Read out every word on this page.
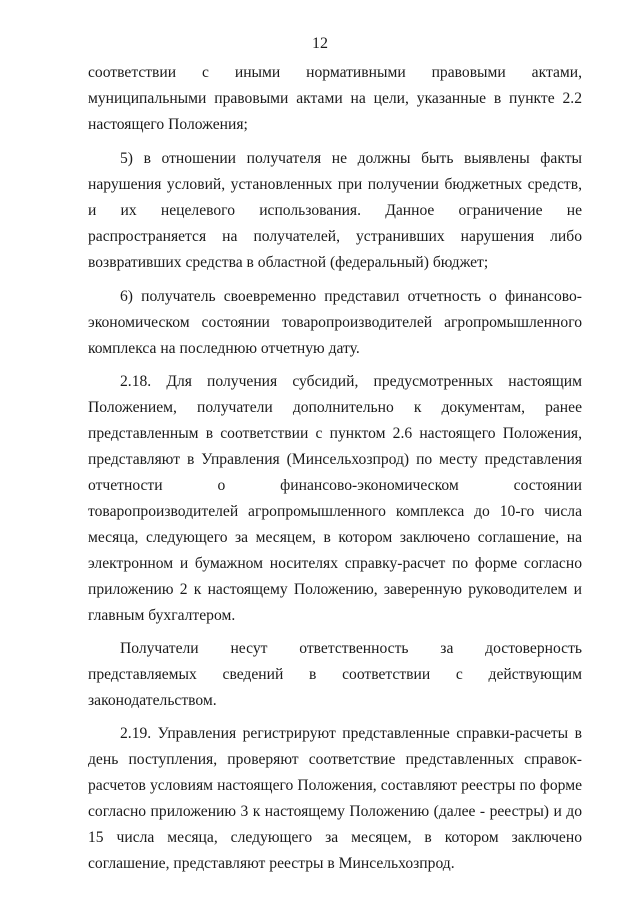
12

соответствии с иными нормативными правовыми актами, муниципальными правовыми актами на цели, указанные в пункте 2.2 настоящего Положения;

5) в отношении получателя не должны быть выявлены факты нарушения условий, установленных при получении бюджетных средств, и их нецелевого использования. Данное ограничение не распространяется на получателей, устранивших нарушения либо возвративших средства в областной (федеральный) бюджет;

6) получатель своевременно представил отчетность о финансово-экономическом состоянии товаропроизводителей агропромышленного комплекса на последнюю отчетную дату.

2.18. Для получения субсидий, предусмотренных настоящим Положением, получатели дополнительно к документам, ранее представленным в соответствии с пунктом 2.6 настоящего Положения, представляют в Управления (Минсельхозпрод) по месту представления отчетности о финансово-экономическом состоянии товаропроизводителей агропромышленного комплекса до 10-го числа месяца, следующего за месяцем, в котором заключено соглашение, на электронном и бумажном носителях справку-расчет по форме согласно приложению 2 к настоящему Положению, заверенную руководителем и главным бухгалтером.

Получатели несут ответственность за достоверность представляемых сведений в соответствии с действующим законодательством.

2.19. Управления регистрируют представленные справки-расчеты в день поступления, проверяют соответствие представленных справок-расчетов условиям настоящего Положения, составляют реестры по форме согласно приложению 3 к настоящему Положению (далее - реестры) и до 15 числа месяца, следующего за месяцем, в котором заключено соглашение, представляют реестры в Минсельхозпрод.
